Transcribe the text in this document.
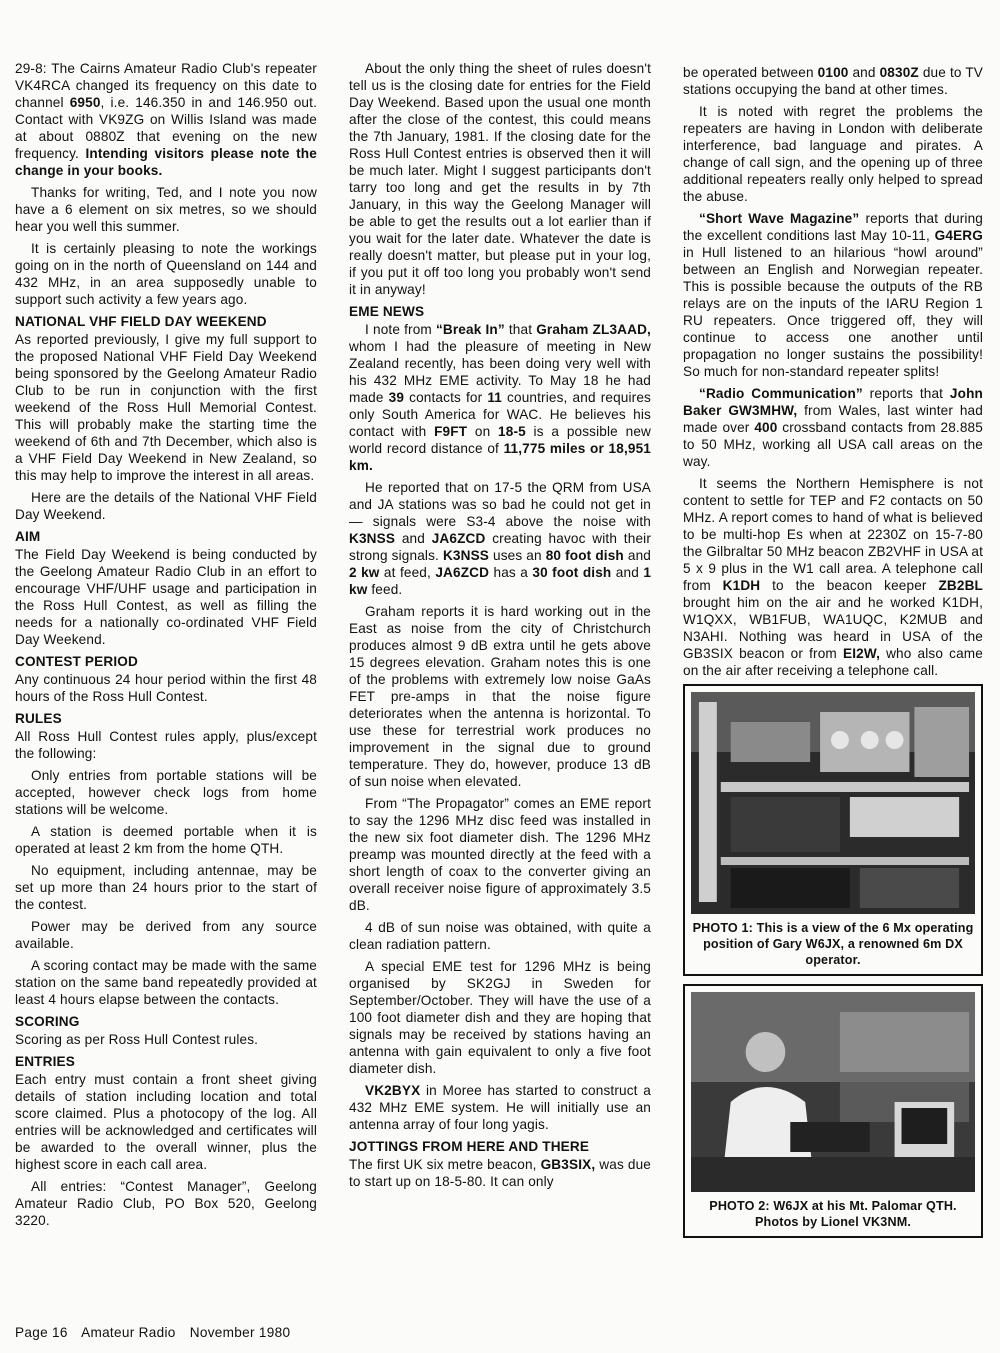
29-8: The Cairns Amateur Radio Club's repeater VK4RCA changed its frequency on this date to channel 6950, i.e. 146.350 in and 146.950 out. Contact with VK9ZG on Willis Island was made at about 0880Z that evening on the new frequency. Intending visitors please note the change in your books.

Thanks for writing, Ted, and I note you now have a 6 element on six metres, so we should hear you well this summer.

It is certainly pleasing to note the workings going on in the north of Queensland on 144 and 432 MHz, in an area supposedly unable to support such activity a few years ago.

NATIONAL VHF FIELD DAY WEEKEND

As reported previously, I give my full support to the proposed National VHF Field Day Weekend being sponsored by the Geelong Amateur Radio Club to be run in conjunction with the first weekend of the Ross Hull Memorial Contest. This will probably make the starting time the weekend of 6th and 7th December, which also is a VHF Field Day Weekend in New Zealand, so this may help to improve the interest in all areas.

Here are the details of the National VHF Field Day Weekend.

AIM

The Field Day Weekend is being conducted by the Geelong Amateur Radio Club in an effort to encourage VHF/UHF usage and participation in the Ross Hull Contest, as well as filling the needs for a nationally co-ordinated VHF Field Day Weekend.

CONTEST PERIOD

Any continuous 24 hour period within the first 48 hours of the Ross Hull Contest.

RULES

All Ross Hull Contest rules apply, plus/except the following:

Only entries from portable stations will be accepted, however check logs from home stations will be welcome.

A station is deemed portable when it is operated at least 2 km from the home QTH.

No equipment, including antennae, may be set up more than 24 hours prior to the start of the contest.

Power may be derived from any source available.

A scoring contact may be made with the same station on the same band repeatedly provided at least 4 hours elapse between the contacts.

SCORING

Scoring as per Ross Hull Contest rules.

ENTRIES

Each entry must contain a front sheet giving details of station including location and total score claimed. Plus a photocopy of the log. All entries will be acknowledged and certificates will be awarded to the overall winner, plus the highest score in each call area.

All entries: “Contest Manager”, Geelong Amateur Radio Club, PO Box 520, Geelong 3220.

About the only thing the sheet of rules doesn't tell us is the closing date for entries for the Field Day Weekend. Based upon the usual one month after the close of the contest, this could means the 7th January, 1981. If the closing date for the Ross Hull Contest entries is observed then it will be much later. Might I suggest participants don't tarry too long and get the results in by 7th January, in this way the Geelong Manager will be able to get the results out a lot earlier than if you wait for the later date. Whatever the date is really doesn't matter, but please put in your log, if you put it off too long you probably won't send it in anyway!

EME NEWS

I note from “Break In” that Graham ZL3AAD, whom I had the pleasure of meeting in New Zealand recently, has been doing very well with his 432 MHz EME activity. To May 18 he had made 39 contacts for 11 countries, and requires only South America for WAC. He believes his contact with F9FT on 18-5 is a possible new world record distance of 11,775 miles or 18,951 km.

He reported that on 17-5 the QRM from USA and JA stations was so bad he could not get in — signals were S3-4 above the noise with K3NSS and JA6ZCD creating havoc with their strong signals. K3NSS uses an 80 foot dish and 2 kw at feed, JA6ZCD has a 30 foot dish and 1 kw feed.

Graham reports it is hard working out in the East as noise from the city of Christchurch produces almost 9 dB extra until he gets above 15 degrees elevation. Graham notes this is one of the problems with extremely low noise GaAs FET pre-amps in that the noise figure deteriorates when the antenna is horizontal. To use these for terrestrial work produces no improvement in the signal due to ground temperature. They do, however, produce 13 dB of sun noise when elevated.

From “The Propagator” comes an EME report to say the 1296 MHz disc feed was installed in the new six foot diameter dish. The 1296 MHz preamp was mounted directly at the feed with a short length of coax to the converter giving an overall receiver noise figure of approximately 3.5 dB.

4 dB of sun noise was obtained, with quite a clean radiation pattern.

A special EME test for 1296 MHz is being organised by SK2GJ in Sweden for September/October. They will have the use of a 100 foot diameter dish and they are hoping that signals may be received by stations having an antenna with gain equivalent to only a five foot diameter dish.

VK2BYX in Moree has started to construct a 432 MHz EME system. He will initially use an antenna array of four long yagis.

JOTTINGS FROM HERE AND THERE

The first UK six metre beacon, GB3SIX, was due to start up on 18-5-80. It can only

be operated between 0100 and 0830Z due to TV stations occupying the band at other times.

It is noted with regret the problems the repeaters are having in London with deliberate interference, bad language and pirates. A change of call sign, and the opening up of three additional repeaters really only helped to spread the abuse.

“Short Wave Magazine” reports that during the excellent conditions last May 10-11, G4ERG in Hull listened to an hilarious “howl around” between an English and Norwegian repeater. This is possible because the outputs of the RB relays are on the inputs of the IARU Region 1 RU repeaters. Once triggered off, they will continue to access one another until propagation no longer sustains the possibility! So much for non-standard repeater splits!

“Radio Communication” reports that John Baker GW3MHW, from Wales, last winter had made over 400 crossband contacts from 28.885 to 50 MHz, working all USA call areas on the way.

It seems the Northern Hemisphere is not content to settle for TEP and F2 contacts on 50 MHz. A report comes to hand of what is believed to be multi-hop Es when at 2230Z on 15-7-80 the Gilbraltar 50 MHz beacon ZB2VHF in USA at 5 x 9 plus in the W1 call area. A telephone call from K1DH to the beacon keeper ZB2BL brought him on the air and he worked K1DH, W1QXX, WB1FUB, WA1UQC, K2MUB and N3AHI. Nothing was heard in USA of the GB3SIX beacon or from EI2W, who also came on the air after receiving a telephone call.

PHOTO 1: This is a view of the 6 Mx operating position of Gary W6JX, a renowned 6m DX operator.
PHOTO 2: W6JX at his Mt. Palomar QTH. Photos by Lionel VK3NM.
Page 16 Amateur Radio November 1980
